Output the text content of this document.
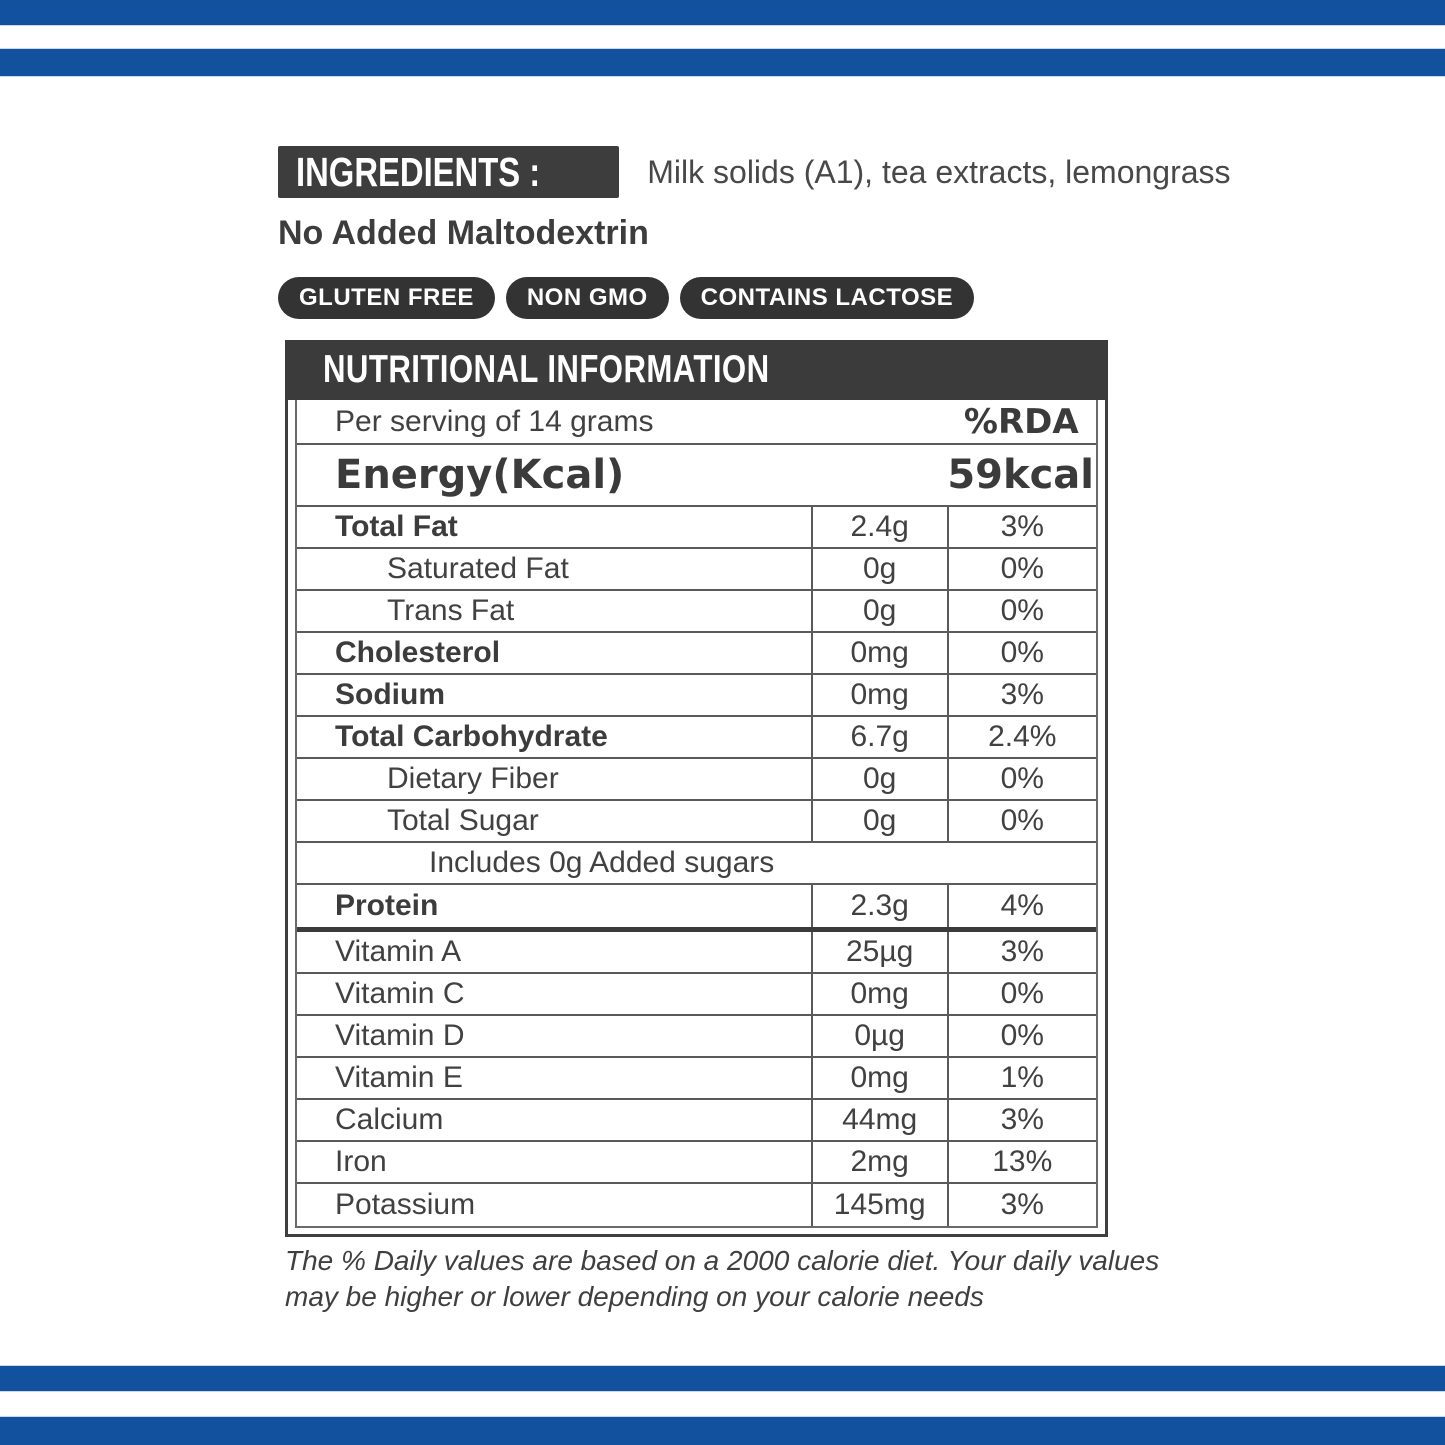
INGREDIENTS :	Milk solids (A1), tea extracts, lemongrass
No Added Maltodextrin
GLUTEN FREE	NON GMO	CONTAINS LACTOSE
NUTRITIONAL INFORMATION
Per serving of 14 grams	%RDA
Energy(Kcal)	59kcal
Total Fat	2.4g	3%
Saturated Fat	0g	0%
Trans Fat	0g	0%
Cholesterol	0mg	0%
Sodium	0mg	3%
Total Carbohydrate	6.7g	2.4%
Dietary Fiber	0g	0%
Total Sugar	0g	0%
Includes 0g Added sugars
Protein	2.3g	4%
Vitamin A	25µg	3%
Vitamin C	0mg	0%
Vitamin D	0µg	0%
Vitamin E	0mg	1%
Calcium	44mg	3%
Iron	2mg	13%
Potassium	145mg	3%
The % Daily values are based on a 2000 calorie diet. Your daily values may be higher or lower depending on your calorie needs
